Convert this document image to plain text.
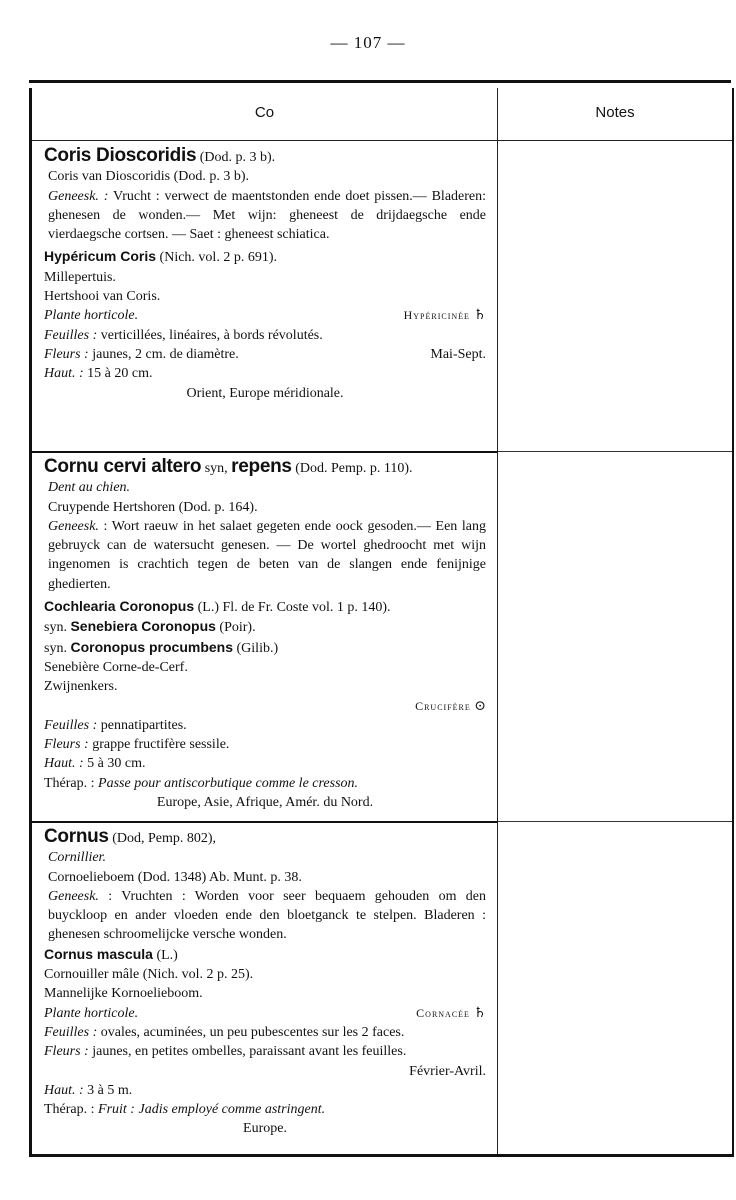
— 107 —
Co	Notes

Coris Dioscoridis (Dod. p. 3 b).

Coris van Dioscoridis (Dod. p. 3 b).

Geneesk. : Vrucht : verwect de maentstonden ende doet pissen.— Bladeren: ghenesen de wonden.— Met wijn: gheneest de drijdaegsche ende vierdaegsche cortsen. — Saet : gheneest schiatica.

Hypéricum Coris (Nich. vol. 2 p. 691).

Millepertuis.

Hertshooi van Coris.

Plante horticole.	Hypéricinée ♄

Feuilles : verticillées, linéaires, à bords révolutés.

Fleurs : jaunes, 2 cm. de diamètre.	Mai-Sept.

Haut. : 15 à 20 cm.

Orient, Europe méridionale.

Cornu cervi altero syn, repens (Dod. Pemp. p. 110).

Dent au chien.

Cruypende Hertshoren (Dod. p. 164).

Geneesk. : Wort raeuw in het salaet gegeten ende oock gesoden.— Een lang gebruyck can de watersucht genesen. — De wortel ghedroocht met wijn ingenomen is crachtich tegen de beten van de slangen ende fenijnige ghedierten.

Cochlearia Coronopus (L.) Fl. de Fr. Coste vol. 1 p. 140).

syn. Senebiera Coronopus (Poir).

syn. Coronopus procumbens (Gilib.)

Senebière Corne-de-Cerf.

Zwijnenkers.

Crucifère ⊙

Feuilles : pennatipartites.

Fleurs : grappe fructifère sessile.

Haut. : 5 à 30 cm.

Thérap. : Passe pour antiscorbutique comme le cresson.

Europe, Asie, Afrique, Amér. du Nord.

Cornus (Dod, Pemp. 802),

Cornillier.

Cornoelieboem (Dod. 1348) Ab. Munt. p. 38.

Geneesk. : Vruchten : Worden voor seer bequaem gehouden om den buyckloop en ander vloeden ende den bloetganck te stelpen. Bladeren : ghenesen schroomelijcke versche wonden.

Cornus mascula (L.)

Cornouiller mâle (Nich. vol. 2 p. 25).

Mannelijke Kornoelieboom.

Plante horticole.	Cornacée ♄

Feuilles : ovales, acuminées, un peu pubescentes sur les 2 faces.

Fleurs : jaunes, en petites ombelles, paraissant avant les feuilles.

Février-Avril.

Haut. : 3 à 5 m.

Thérap. : Fruit : Jadis employé comme astringent.

Europe.
